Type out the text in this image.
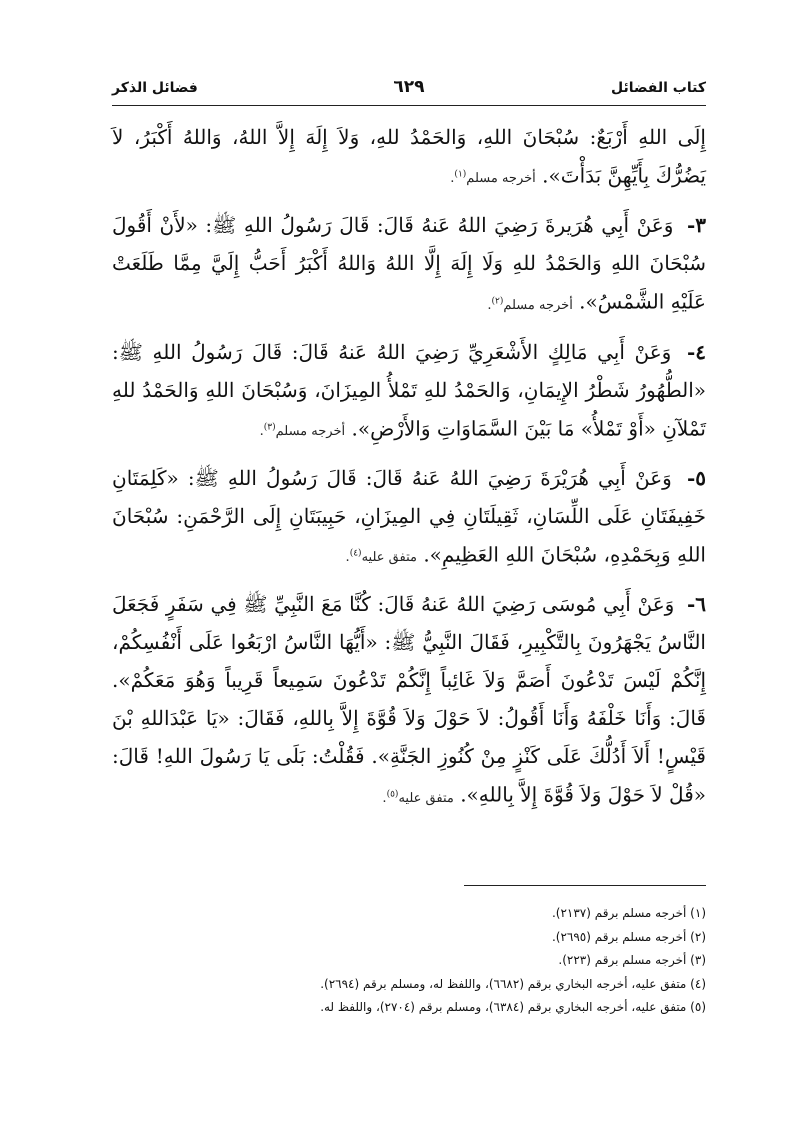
كتاب الفضائل
٦٢٩
فضائل الذكر

إِلَى اللهِ أَرْبَعٌ: سُبْحَانَ اللهِ، وَالحَمْدُ للهِ، وَلاَ إِلَهَ إِلاَّ اللهُ، وَاللهُ أَكْبَرُ، لاَ يَضُرُّكَ بِأَيِّهِنَّ بَدَأْتَ». أخرجه مسلم$^{(١)}$.

٣- وَعَنْ أَبِي هُرَيرةَ رَضِيَ اللهُ عَنهُ قَالَ: قَالَ رَسُولُ اللهِ ﷺ: «لأَنْ أَقُولَ سُبْحَانَ اللهِ وَالحَمْدُ للهِ وَلَا إِلَهَ إِلَّا اللهُ وَاللهُ أَكْبَرُ أَحَبُّ إِلَيَّ مِمَّا طَلَعَتْ عَلَيْهِ الشَّمْسُ». أخرجه مسلم$^{(٢)}$.

٤- وَعَنْ أَبِي مَالِكٍ الأَشْعَرِيِّ رَضِيَ اللهُ عَنهُ قَالَ: قَالَ رَسُولُ اللهِ ﷺ: «الطُّهُورُ شَطْرُ الإِيمَانِ، وَالحَمْدُ للهِ تَمْلأُ المِيزَانَ، وَسُبْحَانَ اللهِ وَالحَمْدُ للهِ تَمْلآنِ «أَوْ تَمْلأُ» مَا بَيْنَ السَّمَاوَاتِ وَالأَرْضِ». أخرجه مسلم$^{(٣)}$.

٥- وَعَنْ أَبِي هُرَيْرَةَ رَضِيَ اللهُ عَنهُ قَالَ: قَالَ رَسُولُ اللهِ ﷺ: «كَلِمَتَانِ خَفِيفَتَانِ عَلَى اللِّسَانِ، ثَقِيلَتَانِ فِي المِيزَانِ، حَبِيبَتَانِ إِلَى الرَّحْمَنِ: سُبْحَانَ اللهِ وَبِحَمْدِهِ، سُبْحَانَ اللهِ العَظِيمِ». متفق عليه$^{(٤)}$.

٦- وَعَنْ أَبِي مُوسَى رَضِيَ اللهُ عَنهُ قَالَ: كُنَّا مَعَ النَّبِيِّ ﷺ فِي سَفَرٍ فَجَعَلَ النَّاسُ يَجْهَرُونَ بِالتَّكْبِيرِ، فَقَالَ النَّبِيُّ ﷺ: «أَيُّهَا النَّاسُ ارْبَعُوا عَلَى أَنْفُسِكُمْ، إِنَّكُمْ لَيْسَ تَدْعُونَ أَصَمَّ وَلاَ غَائِباً إِنَّكُمْ تَدْعُونَ سَمِيعاً قَرِيباً وَهُوَ مَعَكُمْ». قَالَ: وَأَنَا خَلْفَهُ وَأَنَا أَقُولُ: لاَ حَوْلَ وَلاَ قُوَّةَ إِلاَّ بِاللهِ، فَقَالَ: «يَا عَبْدَاللهِ بْنَ قَيْسٍ! أَلاَ أَدُلُّكَ عَلَى كَنْزٍ مِنْ كُنُوزِ الجَنَّةِ». فَقُلْتُ: بَلَى يَا رَسُولَ اللهِ! قَالَ: «قُلْ لاَ حَوْلَ وَلاَ قُوَّةَ إِلاَّ بِاللهِ». متفق عليه$^{(٥)}$.

(١) أخرجه مسلم برقم (٢١٣٧).
(٢) أخرجه مسلم برقم (٢٦٩٥).
(٣) أخرجه مسلم برقم (٢٢٣).
(٤) متفق عليه، أخرجه البخاري برقم (٦٦٨٢)، واللفظ له، ومسلم برقم (٢٦٩٤).
(٥) متفق عليه، أخرجه البخاري برقم (٦٣٨٤)، ومسلم برقم (٢٧٠٤)، واللفظ له.
